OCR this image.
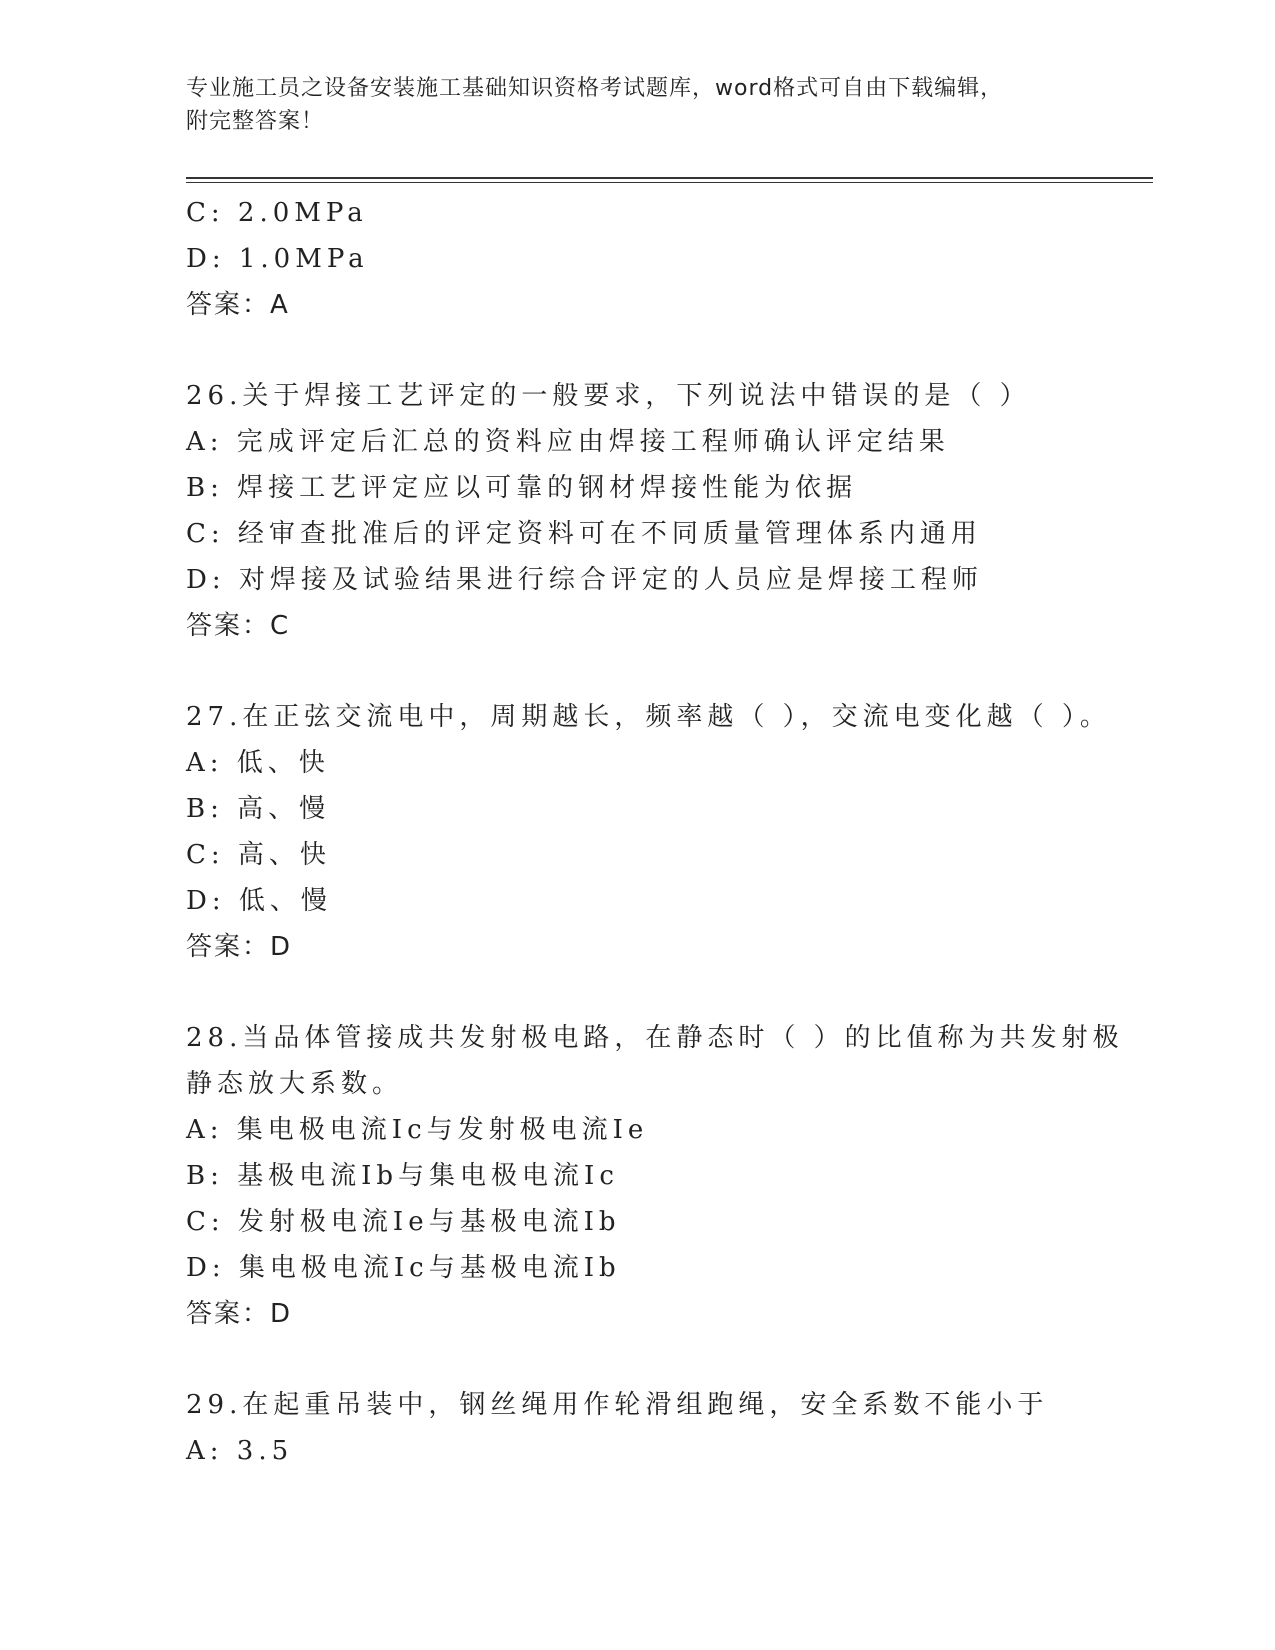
专业施工员之设备安装施工基础知识资格考试题库，word格式可自由下载编辑，
附完整答案！
C: 2.0MPa
D: 1.0MPa
答案：A
26.关于焊接工艺评定的一般要求，下列说法中错误的是（ ）
A: 完成评定后汇总的资料应由焊接工程师确认评定结果
B: 焊接工艺评定应以可靠的钢材焊接性能为依据
C: 经审查批准后的评定资料可在不同质量管理体系内通用
D: 对焊接及试验结果进行综合评定的人员应是焊接工程师
答案：C
27.在正弦交流电中，周期越长，频率越（ ），交流电变化越（ ）。
A: 低、快
B: 高、慢
C: 高、快
D: 低、慢
答案：D
28.当品体管接成共发射极电路，在静态时（ ）的比值称为共发射极
静态放大系数。
A: 集电极电流Ic与发射极电流Ie
B: 基极电流Ib与集电极电流Ic
C: 发射极电流Ie与基极电流Ib
D: 集电极电流Ic与基极电流Ib
答案：D
29.在起重吊装中，钢丝绳用作轮滑组跑绳，安全系数不能小于
A: 3.5
